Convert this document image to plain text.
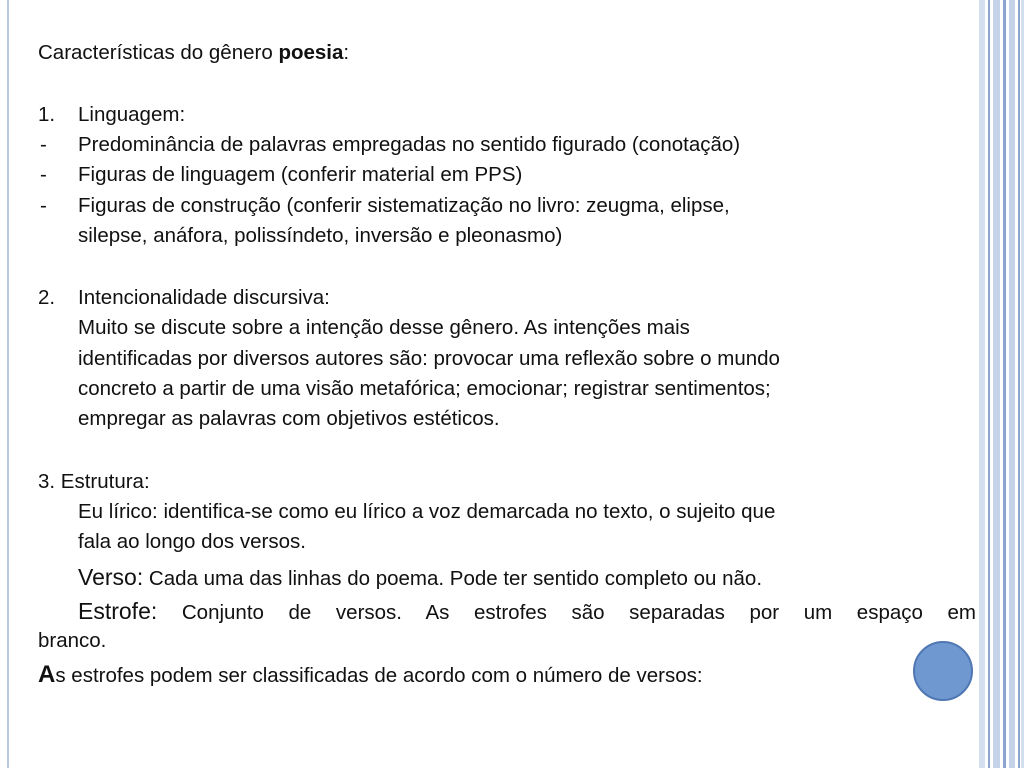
Características do gênero poesia:
1. Linguagem:
- Predominância de palavras empregadas no sentido figurado (conotação)
- Figuras de linguagem (conferir material em PPS)
- Figuras de construção (conferir sistematização no livro: zeugma, elipse,
silepse, anáfora, polissíndeto, inversão e pleonasmo)
2. Intencionalidade discursiva:
Muito se discute sobre a intenção desse gênero. As intenções mais
identificadas por diversos autores são: provocar uma reflexão sobre o mundo
concreto a partir de uma visão metafórica; emocionar; registrar sentimentos;
empregar as palavras com objetivos estéticos.
3. Estrutura:
Eu lírico: identifica-se como eu lírico a voz demarcada no texto, o sujeito que
fala ao longo dos versos.
Verso: Cada uma das linhas do poema. Pode ter sentido completo ou não.
Estrofe: Conjunto de versos. As estrofes são separadas por um espaço em
branco.
As estrofes podem ser classificadas de acordo com o número de versos:
